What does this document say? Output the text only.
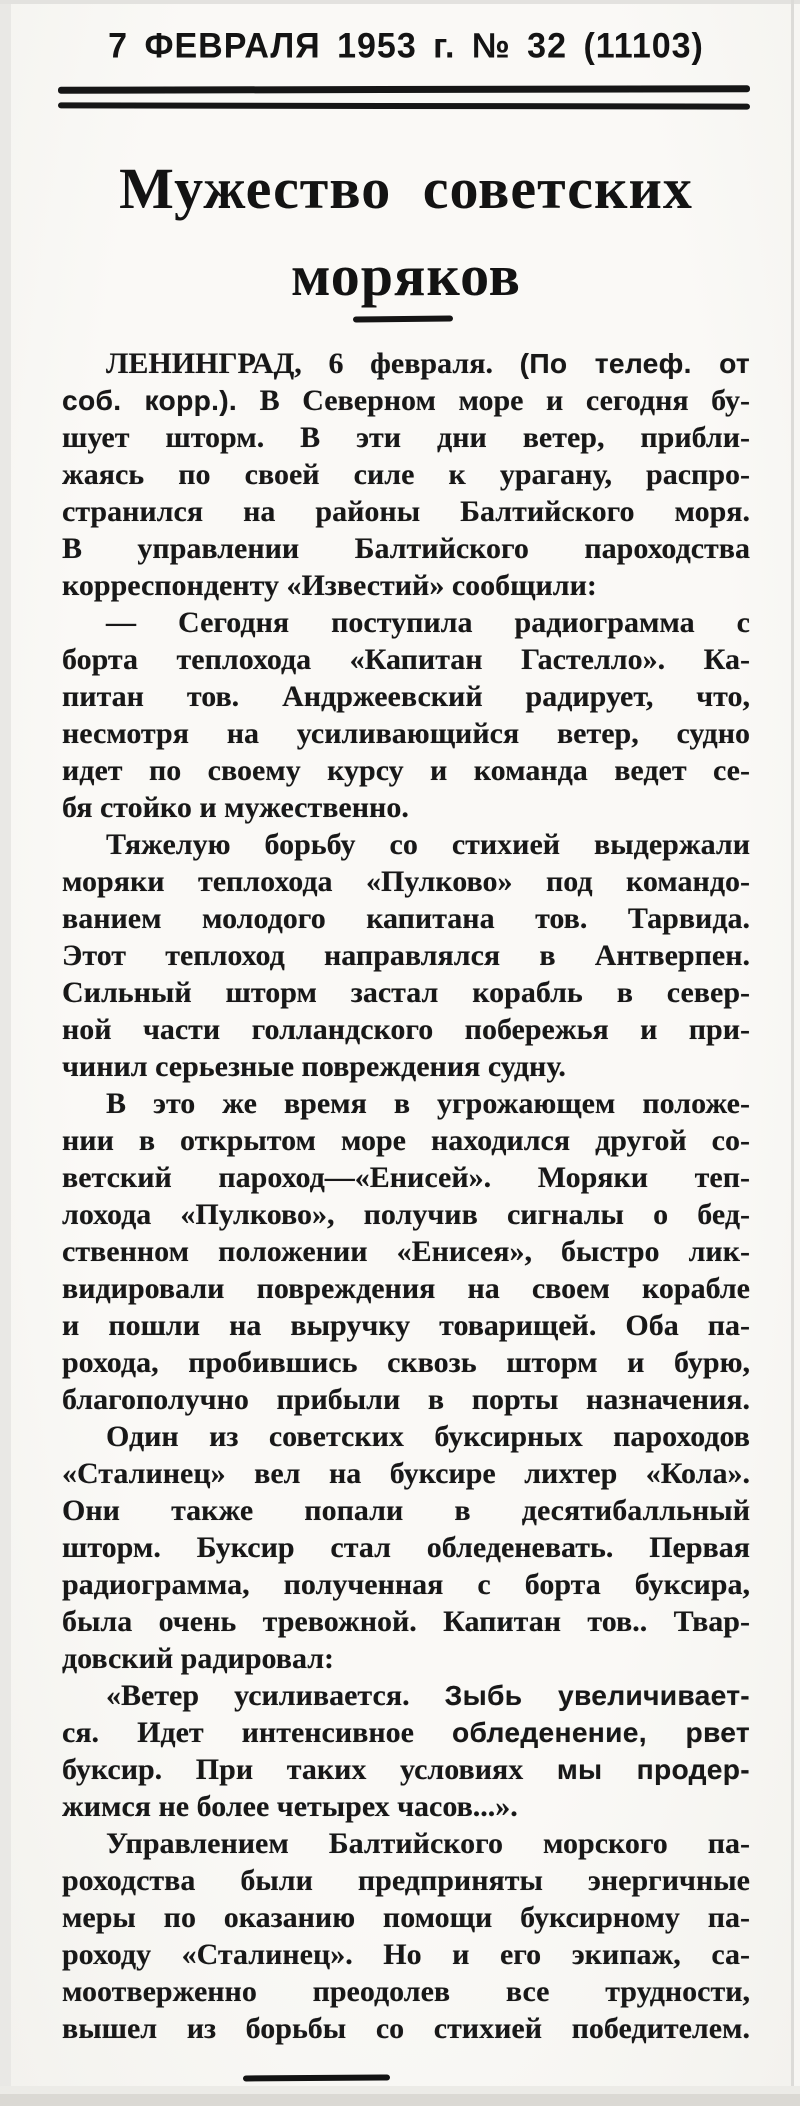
7 ФЕВРАЛЯ 1953 г. № 32 (11103)
Мужество советских
моряков
ЛЕНИНГРАД, 6 февраля. (По телеф. от
соб. корр.). В Северном море и сегодня бу-
шует шторм. В эти дни ветер, прибли-
жаясь по своей силе к урагану, распро-
странился на районы Балтийского моря.
В управлении Балтийского пароходства
корреспонденту «Известий» сообщили:
— Сегодня поступила радиограмма с
борта теплохода «Капитан Гастелло». Ка-
питан тов. Андржеевский радирует, что,
несмотря на усиливающийся ветер, судно
идет по своему курсу и команда ведет се-
бя стойко и мужественно.
Тяжелую борьбу со стихией выдержали
моряки теплохода «Пулково» под командо-
ванием молодого капитана тов. Тарвида.
Этот теплоход направлялся в Антверпен.
Сильный шторм застал корабль в север-
ной части голландского побережья и при-
чинил серьезные повреждения судну.
В это же время в угрожающем положе-
нии в открытом море находился другой со-
ветский пароход—«Енисей». Моряки теп-
лохода «Пулково», получив сигналы о бед-
ственном положении «Енисея», быстро лик-
видировали повреждения на своем корабле
и пошли на выручку товарищей. Оба па-
рохода, пробившись сквозь шторм и бурю,
благополучно прибыли в порты назначения.
Один из советских буксирных пароходов
«Сталинец» вел на буксире лихтер «Кола».
Они также попали в десятибалльный
шторм. Буксир стал обледеневать. Первая
радиограмма, полученная с борта буксира,
была очень тревожной. Капитан тов.. Твар-
довский радировал:
«Ветер усиливается. Зыбь увеличивает-
ся. Идет интенсивное обледенение, рвет
буксир. При таких условиях мы продер-
жимся не более четырех часов...».
Управлением Балтийского морского па-
роходства были предприняты энергичные
меры по оказанию помощи буксирному па-
роходу «Сталинец». Но и его экипаж, са-
моотверженно преодолев все трудности,
вышел из борьбы со стихией победителем.
